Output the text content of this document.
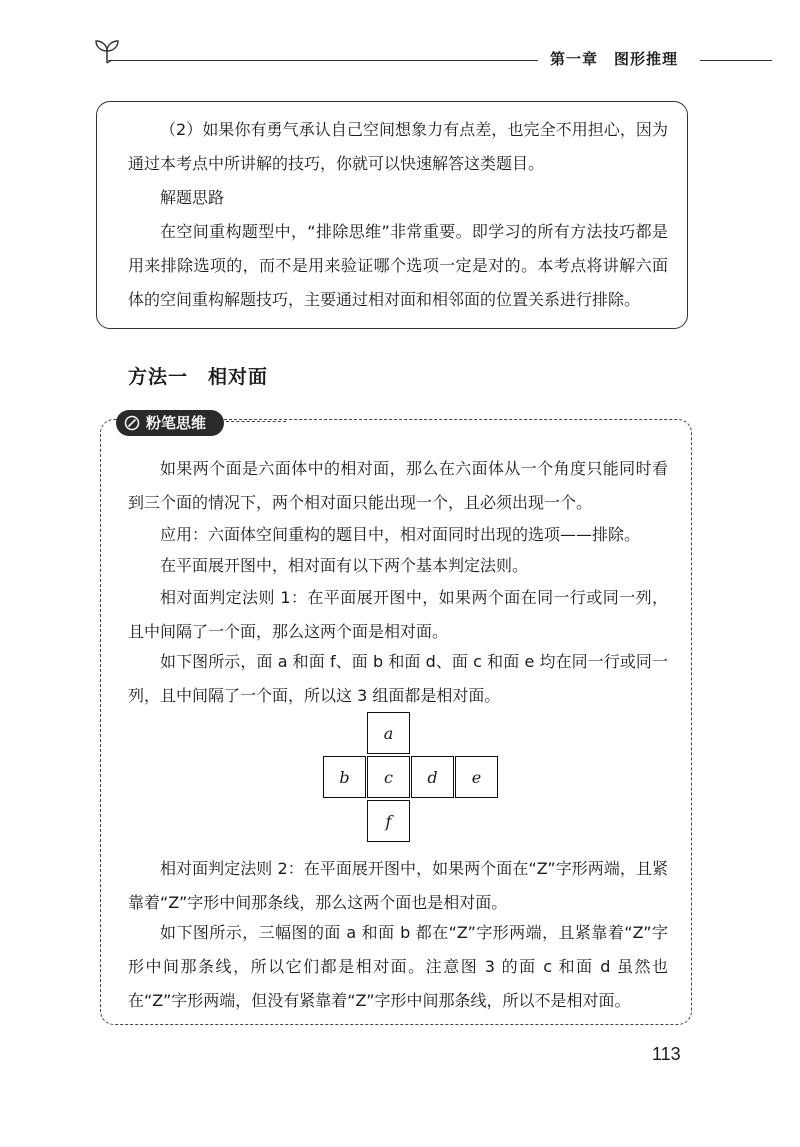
第一章　图形推理

（2）如果你有勇气承认自己空间想象力有点差，也完全不用担心，因为通过本考点中所讲解的技巧，你就可以快速解答这类题目。

解题思路

在空间重构题型中，“排除思维”非常重要。即学习的所有方法技巧都是用来排除选项的，而不是用来验证哪个选项一定是对的。本考点将讲解六面体的空间重构解题技巧，主要通过相对面和相邻面的位置关系进行排除。

方法一　相对面
粉笔思维

如果两个面是六面体中的相对面，那么在六面体从一个角度只能同时看到三个面的情况下，两个相对面只能出现一个，且必须出现一个。

应用：六面体空间重构的题目中，相对面同时出现的选项——排除。

在平面展开图中，相对面有以下两个基本判定法则。

相对面判定法则 1：在平面展开图中，如果两个面在同一行或同一列，且中间隔了一个面，那么这两个面是相对面。

如下图所示，面 a 和面 f、面 b 和面 d、面 c 和面 e 均在同一行或同一列，且中间隔了一个面，所以这 3 组面都是相对面。

a
b	c	d	e
f

相对面判定法则 2：在平面展开图中，如果两个面在“Z”字形两端，且紧靠着“Z”字形中间那条线，那么这两个面也是相对面。

如下图所示，三幅图的面 a 和面 b 都在“Z”字形两端，且紧靠着“Z”字形中间那条线，所以它们都是相对面。注意图 3 的面 c 和面 d 虽然也在“Z”字形两端，但没有紧靠着“Z”字形中间那条线，所以不是相对面。

113
